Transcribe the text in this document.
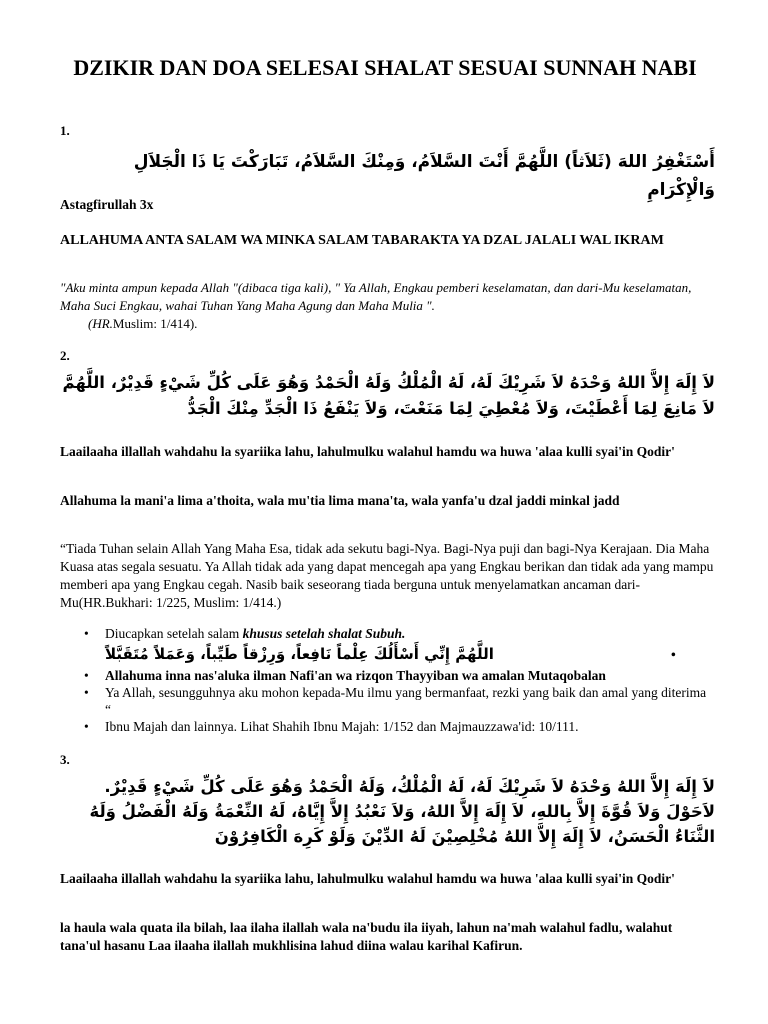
DZIKIR DAN DOA SELESAI SHALAT SESUAI SUNNAH NABI
1.
أَسْتَغْفِرُ اللهَ (ثَلاَثاً) اللَّهُمَّ أَنْتَ السَّلاَمُ، وَمِنْكَ السَّلاَمُ، تَبَارَكْتَ يَا ذَا الْجَلاَلِ وَالْإِكْرَامِ
Astagfirullah 3x
ALLAHUMA ANTA SALAM WA MINKA SALAM TABARAKTA YA DZAL JALALI WAL IKRAM
"Aku minta ampun kepada Allah "(dibaca tiga kali), " Ya Allah, Engkau pemberi keselamatan, dan dari-Mu keselamatan, Maha Suci Engkau, wahai Tuhan Yang Maha Agung dan Maha Mulia ".
(HR.Muslim: 1/414).
2.
لاَ إِلَهَ إِلاَّ اللهُ وَحْدَهُ لاَ شَرِيْكَ لَهُ، لَهُ الْمُلْكُ وَلَهُ الْحَمْدُ وَهُوَ عَلَى كُلِّ شَيْءٍ قَدِيْرٌ، اللَّهُمَّ لاَ مَانِعَ لِمَا أَعْطَيْتَ، وَلاَ مُعْطِيَ لِمَا مَنَعْتَ، وَلاَ يَنْفَعُ ذَا الْجَدِّ مِنْكَ الْجَدُّ
Laailaaha illallah wahdahu la syariika lahu, lahulmulku walahul hamdu wa huwa 'alaa kulli syai'in Qodir'
Allahuma la mani'a lima a'thoita, wala mu'tia lima mana'ta, wala yanfa'u dzal jaddi minkal jadd
“Tiada Tuhan selain Allah Yang Maha Esa, tidak ada sekutu bagi-Nya. Bagi-Nya puji dan bagi-Nya Kerajaan. Dia Maha Kuasa atas segala sesuatu. Ya Allah tidak ada yang dapat mencegah apa yang Engkau berikan dan tidak ada yang mampu memberi apa yang Engkau cegah. Nasib baik seseorang tiada berguna untuk menyelamatkan ancaman dari-Mu(HR.Bukhari: 1/225, Muslim: 1/414.)
• Diucapkan setelah salam khusus setelah shalat Subuh.
اللَّهُمَّ إِنِّي أَسْأَلُكَ عِلْماً نَافِعاً، وَرِزْقاً طَيِّباً، وَعَمَلاً مُتَقَبَّلاً	•
• Allahuma inna nas'aluka ilman Nafi'an wa rizqon Thayyiban wa amalan Mutaqobalan
• Ya Allah, sesungguhnya aku mohon kepada-Mu ilmu yang bermanfaat, rezki yang baik dan amal yang diterima “
• Ibnu Majah dan lainnya. Lihat Shahih Ibnu Majah: 1/152 dan Majmauzzawa'id: 10/111.
3.
لاَ إِلَهَ إِلاَّ اللهُ وَحْدَهُ لاَ شَرِيْكَ لَهُ، لَهُ الْمُلْكُ، وَلَهُ الْحَمْدُ وَهُوَ عَلَى كُلِّ شَيْءٍ قَدِيْرٌ. لاَحَوْلَ وَلاَ قُوَّةَ إِلاَّ بِاللهِ، لاَ إِلَهَ إِلاَّ اللهُ، وَلاَ نَعْبُدُ إِلاَّ إِيَّاهُ، لَهُ النِّعْمَةُ وَلَهُ الْفَضْلُ وَلَهُ الثَّنَاءُ الْحَسَنُ، لاَ إِلَهَ إِلاَّ اللهُ مُخْلِصِيْنَ لَهُ الدِّيْنَ وَلَوْ كَرِهَ الْكَافِرُوْنَ
Laailaaha illallah wahdahu la syariika lahu, lahulmulku walahul hamdu wa huwa 'alaa kulli syai'in Qodir'
la haula wala quata ila bilah, laa ilaha ilallah wala na'budu ila iiyah, lahun na'mah walahul fadlu, walahut tana'ul hasanu Laa ilaaha ilallah mukhlisina lahud diina walau karihal Kafirun.
